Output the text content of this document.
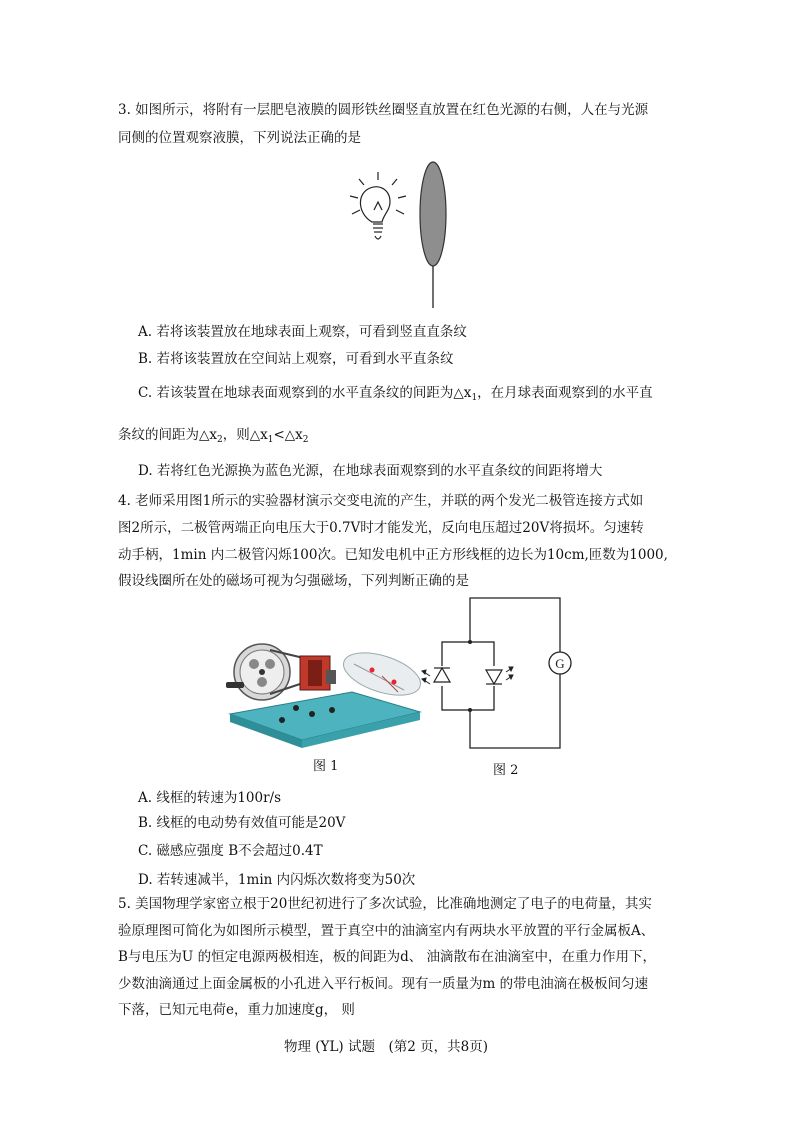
3. 如图所示，将附有一层肥皂液膜的圆形铁丝圈竖直放置在红色光源的右侧，人在与光源
同侧的位置观察液膜，下列说法正确的是
A. 若将该装置放在地球表面上观察，可看到竖直直条纹
B. 若将该装置放在空间站上观察，可看到水平直条纹
C. 若该装置在地球表面观察到的水平直条纹的间距为$\triangle x_1$，在月球表面观察到的水平直
条纹的间距为$\triangle x_2$，则$\triangle x_1<\triangle x_2$
D. 若将红色光源换为蓝色光源，在地球表面观察到的水平直条纹的间距将增大
4. 老师采用图1所示的实验器材演示交变电流的产生，并联的两个发光二极管连接方式如
图2所示，二极管两端正向电压大于0.7V时才能发光，反向电压超过20V将损坏。匀速转
动手柄，1min 内二极管闪烁100次。已知发电机中正方形线框的边长为10cm,匝数为1000,
假设线圈所在处的磁场可视为匀强磁场，下列判断正确的是
图 1
G
图 2
A. 线框的转速为100r/s
B. 线框的电动势有效值可能是20V
C. 磁感应强度 B不会超过0.4T
D. 若转速减半，1min 内闪烁次数将变为50次
5. 美国物理学家密立根于20世纪初进行了多次试验，比准确地测定了电子的电荷量，其实
验原理图可简化为如图所示模型，置于真空中的油滴室内有两块水平放置的平行金属板A、
B与电压为U 的恒定电源两极相连，板的间距为d、 油滴散布在油滴室中，在重力作用下，
少数油滴通过上面金属板的小孔进入平行板间。现有一质量为m 的带电油滴在极板间匀速
下落，已知元电荷e，重力加速度g， 则
物理 (YL) 试题　(第2 页，共8页)
